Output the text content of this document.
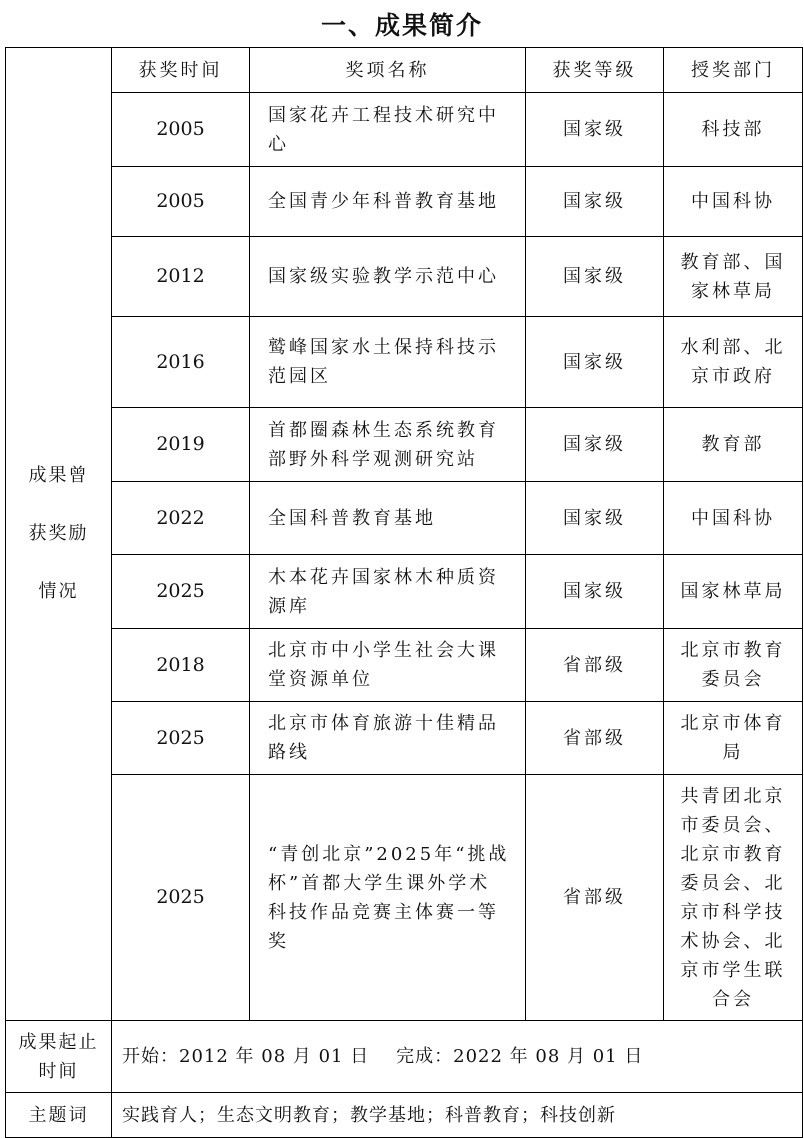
一、成果简介
成果曾
获奖励
情况	获奖时间	奖项名称	获奖等级	授奖部门
	2005	国家花卉工程技术研究中心	国家级	科技部
	2005	全国青少年科普教育基地	国家级	中国科协
	2012	国家级实验教学示范中心	国家级	教育部、国家林草局
	2016	鹫峰国家水土保持科技示范园区	国家级	水利部、北京市政府
	2019	首都圈森林生态系统教育部野外科学观测研究站	国家级	教育部
	2022	全国科普教育基地	国家级	中国科协
	2025	木本花卉国家林木种质资源库	国家级	国家林草局
	2018	北京市中小学生社会大课堂资源单位	省部级	北京市教育委员会
	2025	北京市体育旅游十佳精品路线	省部级	北京市体育局
	2025	“青创北京”2025年“挑战杯”首都大学生课外学术科技作品竞赛主体赛一等奖	省部级	共青团北京市委员会、北京市教育委员会、北京市科学技术协会、北京市学生联合会
成果起止时间	开始：2012 年 08 月 01 日    完成：2022 年 08 月 01 日			
主题词	实践育人；生态文明教育；教学基地；科普教育；科技创新			
